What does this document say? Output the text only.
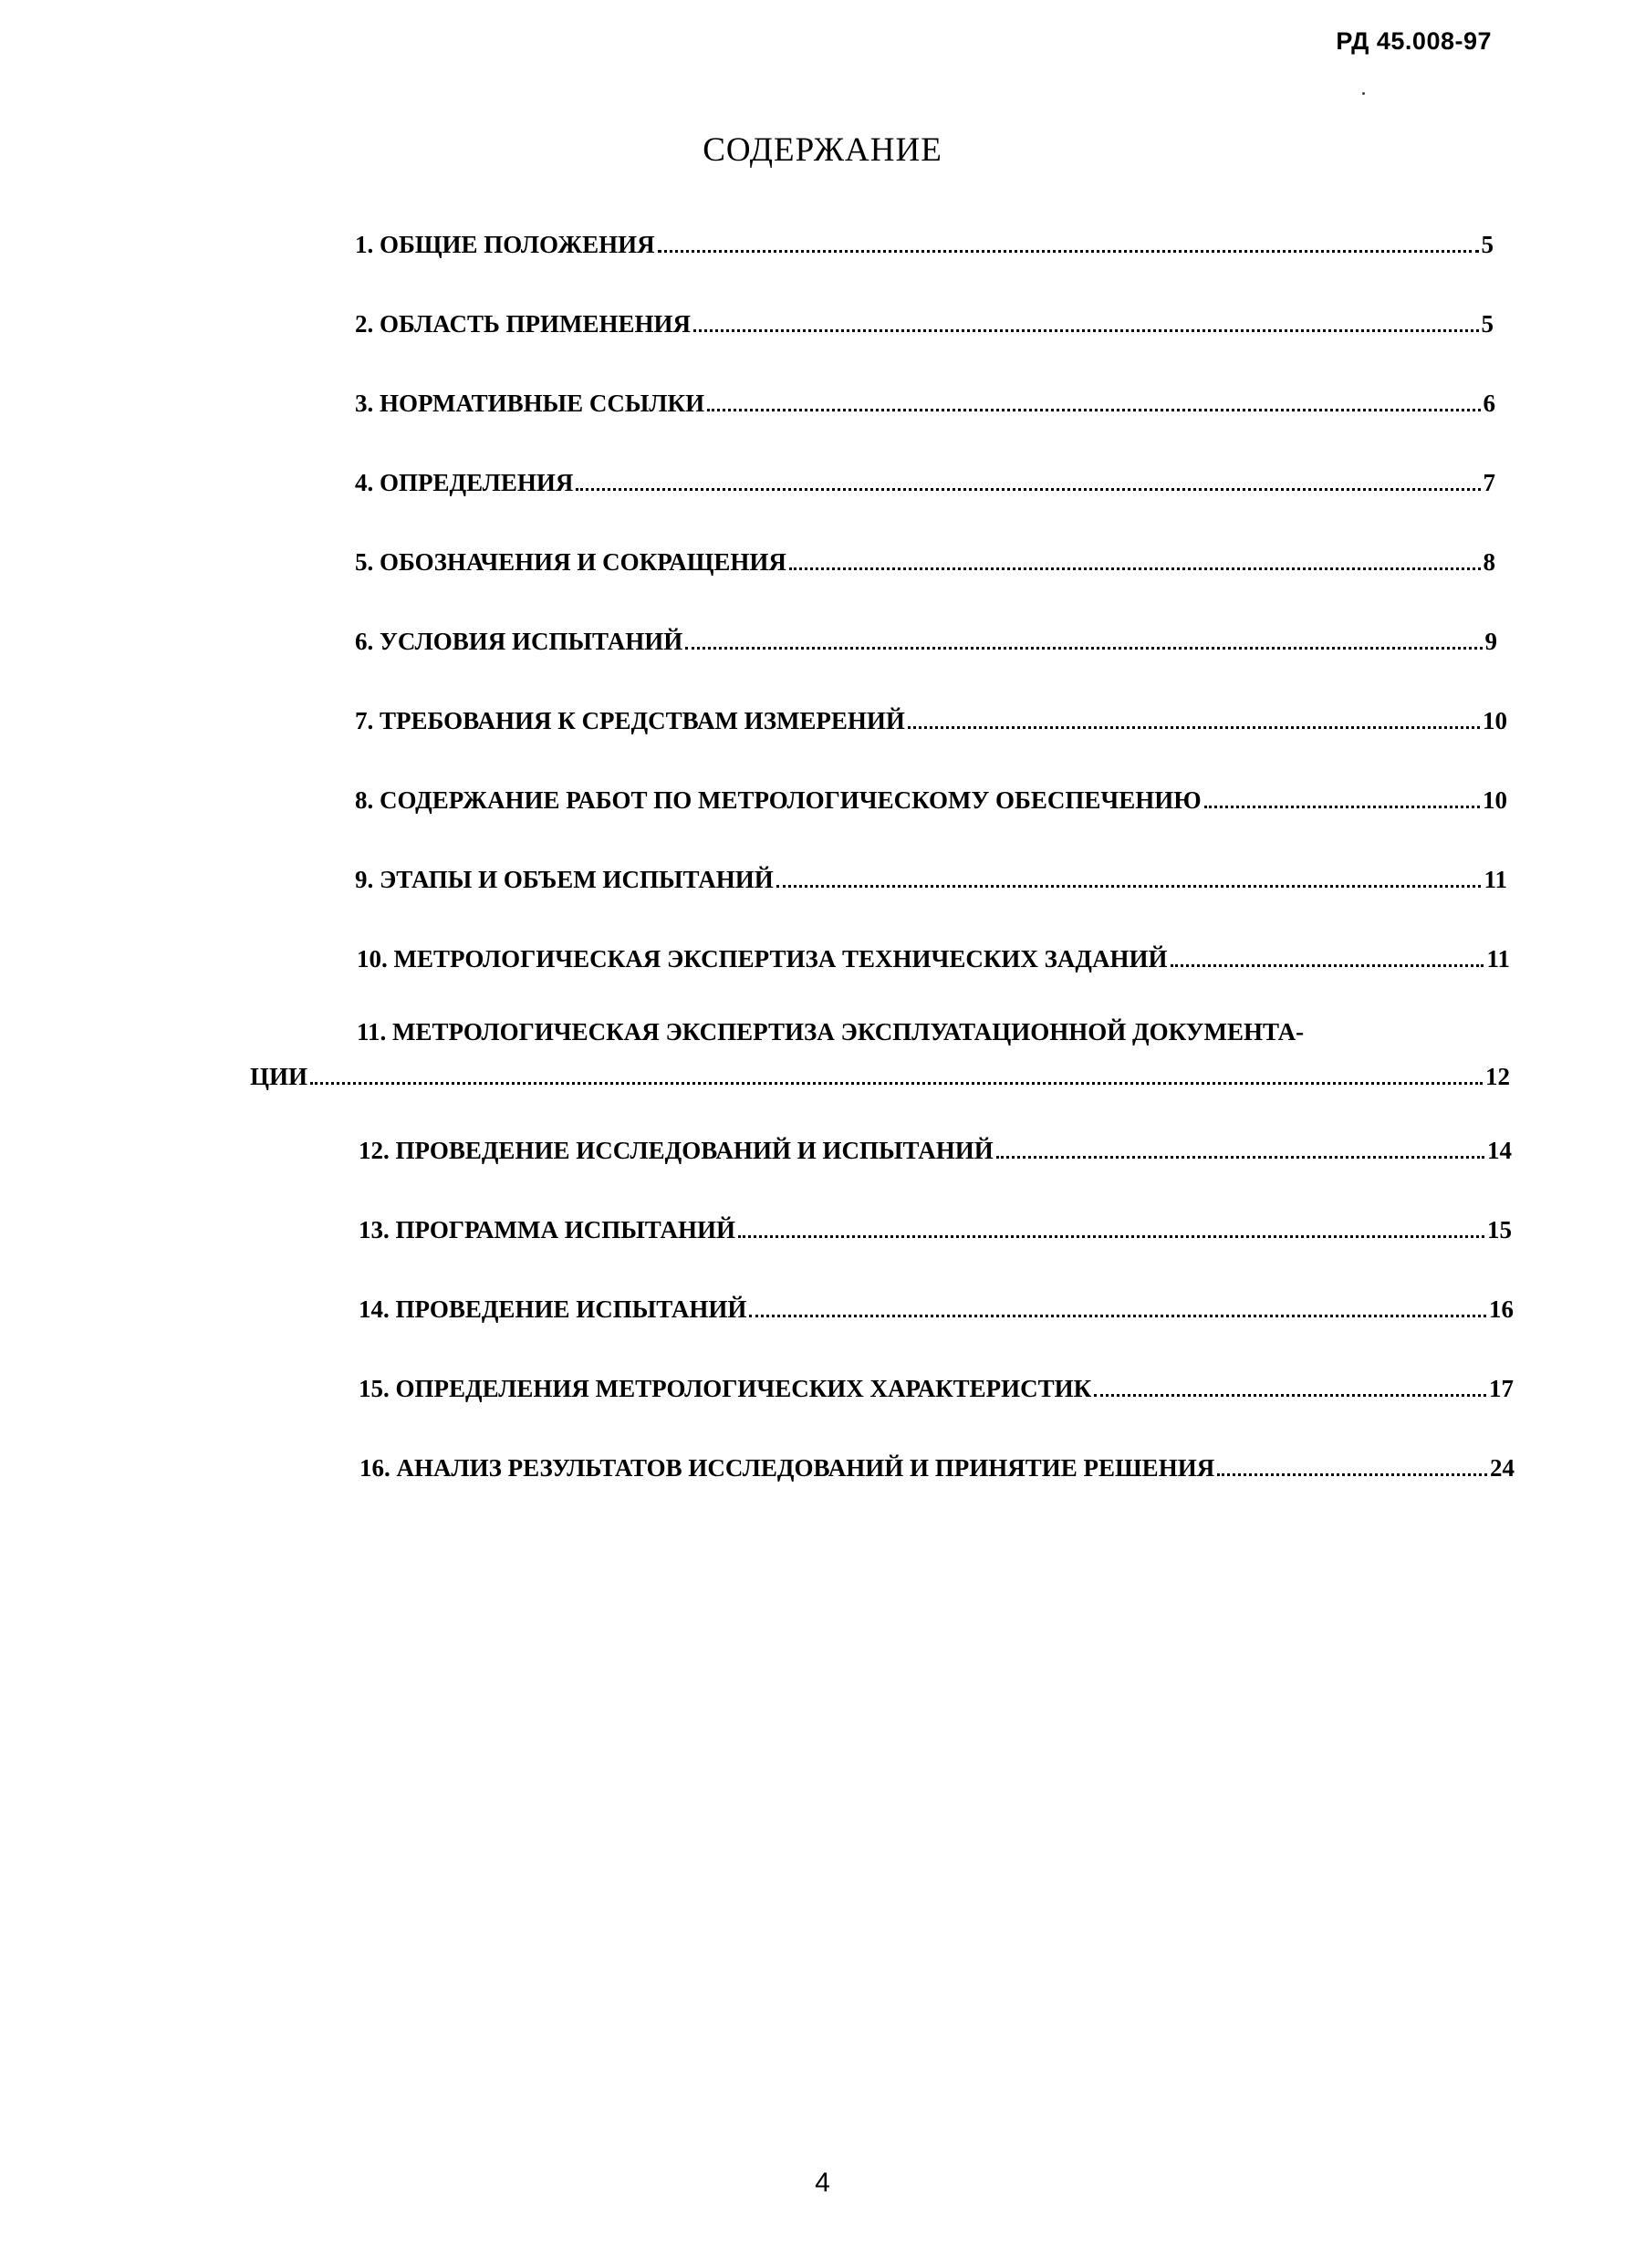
РД 45.008-97
СОДЕРЖАНИЕ
1. ОБЩИЕ ПОЛОЖЕНИЯ	5
2. ОБЛАСТЬ ПРИМЕНЕНИЯ	5
3. НОРМАТИВНЫЕ ССЫЛКИ	6
4. ОПРЕДЕЛЕНИЯ	7
5. ОБОЗНАЧЕНИЯ И СОКРАЩЕНИЯ	8
6. УСЛОВИЯ ИСПЫТАНИЙ	9
7. ТРЕБОВАНИЯ К СРЕДСТВАМ ИЗМЕРЕНИЙ	10
8. СОДЕРЖАНИЕ РАБОТ ПО МЕТРОЛОГИЧЕСКОМУ ОБЕСПЕЧЕНИЮ	10
9. ЭТАПЫ И ОБЪЕМ ИСПЫТАНИЙ	11
10. МЕТРОЛОГИЧЕСКАЯ ЭКСПЕРТИЗА ТЕХНИЧЕСКИХ ЗАДАНИЙ	11
11. МЕТРОЛОГИЧЕСКАЯ ЭКСПЕРТИЗА ЭКСПЛУАТАЦИОННОЙ ДОКУМЕНТА-
ЦИИ	12
12. ПРОВЕДЕНИЕ ИССЛЕДОВАНИЙ И ИСПЫТАНИЙ	14
13. ПРОГРАММА ИСПЫТАНИЙ	15
14. ПРОВЕДЕНИЕ ИСПЫТАНИЙ	16
15. ОПРЕДЕЛЕНИЯ МЕТРОЛОГИЧЕСКИХ ХАРАКТЕРИСТИК	17
16. АНАЛИЗ РЕЗУЛЬТАТОВ ИССЛЕДОВАНИЙ И ПРИНЯТИЕ РЕШЕНИЯ	24
4
